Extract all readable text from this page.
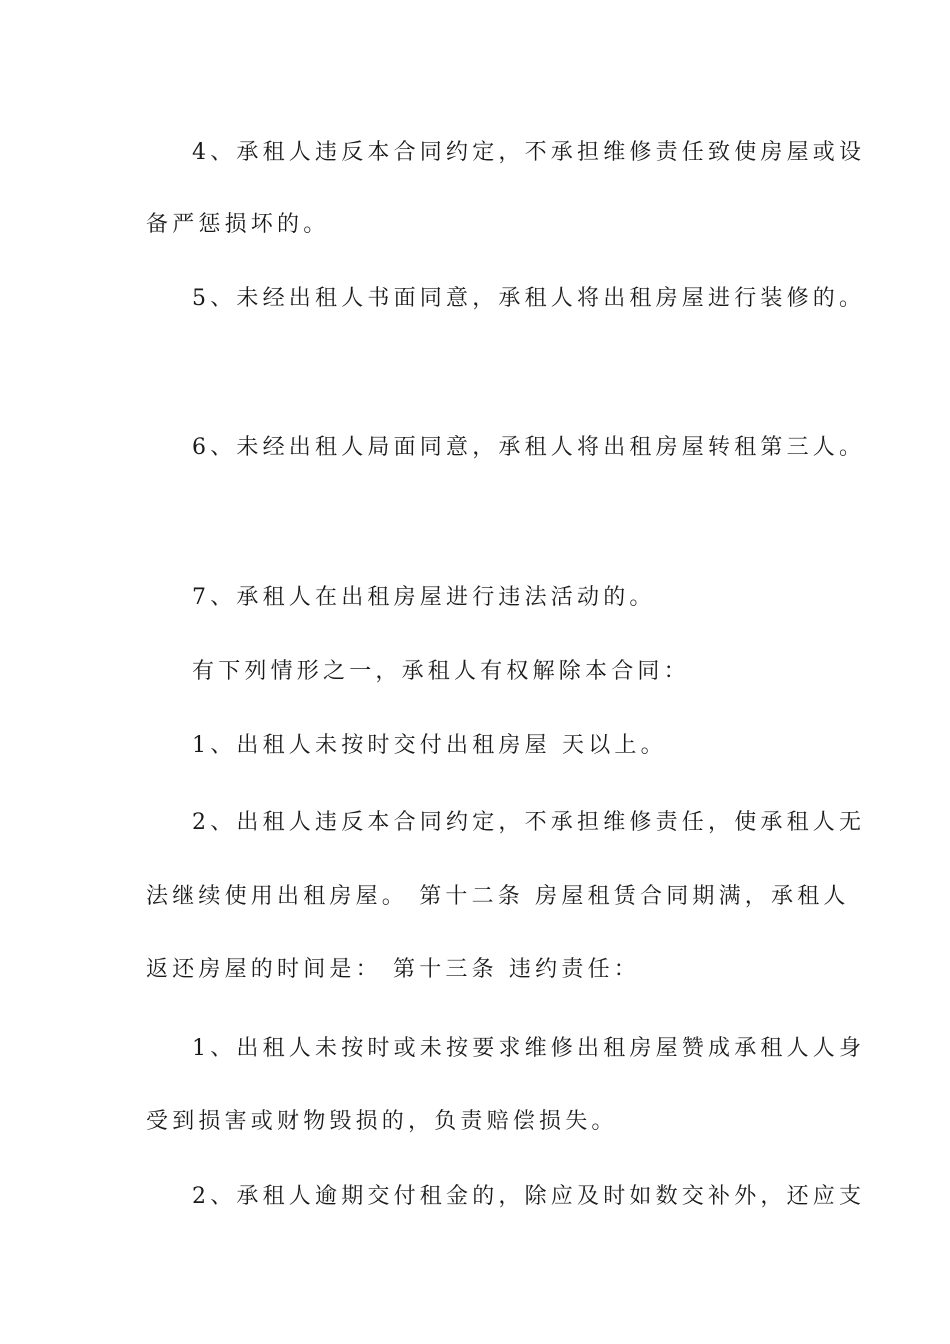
4、承租人违反本合同约定，不承担维修责任致使房屋或设
备严惩损坏的。
5、未经出租人书面同意，承租人将出租房屋进行装修的。
6、未经出租人局面同意，承租人将出租房屋转租第三人。
7、承租人在出租房屋进行违法活动的。
有下列情形之一，承租人有权解除本合同：
1、出租人未按时交付出租房屋 天以上。
2、出租人违反本合同约定，不承担维修责任，使承租人无
法继续使用出租房屋。 第十二条 房屋租赁合同期满，承租人
返还房屋的时间是： 第十三条 违约责任：
1、出租人未按时或未按要求维修出租房屋赞成承租人人身
受到损害或财物毁损的，负责赔偿损失。
2、承租人逾期交付租金的，除应及时如数交补外，还应支
